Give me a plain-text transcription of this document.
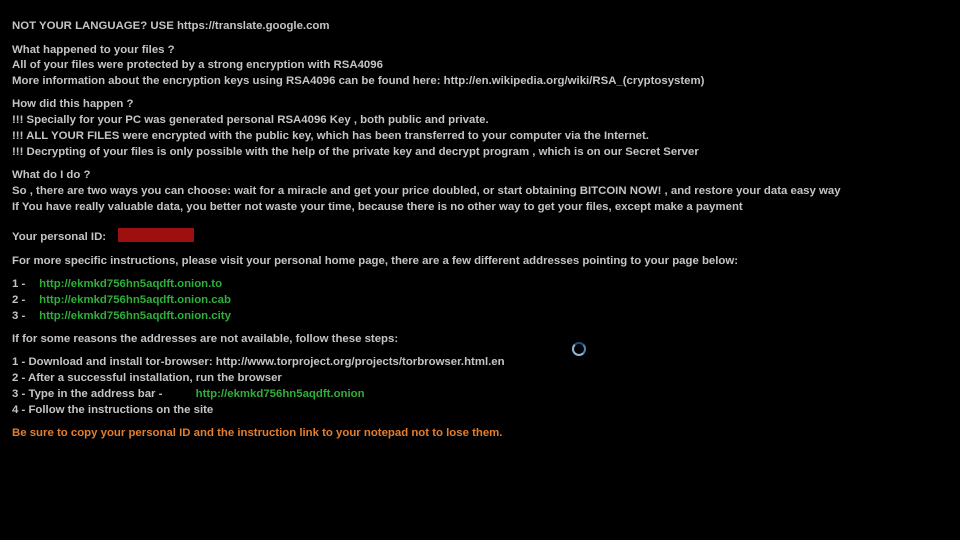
NOT YOUR LANGUAGE? USE https://translate.google.com
What happened to your files ?
All of your files were protected by a strong encryption with RSA4096
More information about the encryption keys using RSA4096 can be found here: http://en.wikipedia.org/wiki/RSA_(cryptosystem)
How did this happen ?
!!! Specially for your PC was generated personal RSA4096 Key , both public and private.
!!! ALL YOUR FILES were encrypted with the public key, which has been transferred to your computer via the Internet.
!!! Decrypting of your files is only possible with the help of the private key and decrypt program , which is on our Secret Server
What do I do ?
So , there are two ways you can choose: wait for a miracle and get your price doubled, or start obtaining BITCOIN NOW! , and restore your data easy way
If You have really valuable data, you better not waste your time, because there is no other way to get your files, except make a payment
Your personal ID:
For more specific instructions, please visit your personal home page, there are a few different addresses pointing to your page below:
1 - http://ekmkd756hn5aqdft.onion.to
2 - http://ekmkd756hn5aqdft.onion.cab
3 - http://ekmkd756hn5aqdft.onion.city
If for some reasons the addresses are not available, follow these steps:
1 - Download and install tor-browser: http://www.torproject.org/projects/torbrowser.html.en
2 - After a successful installation, run the browser
3 - Type in the address bar -	http://ekmkd756hn5aqdft.onion
4 - Follow the instructions on the site
Be sure to copy your personal ID and the instruction link to your notepad not to lose them.
